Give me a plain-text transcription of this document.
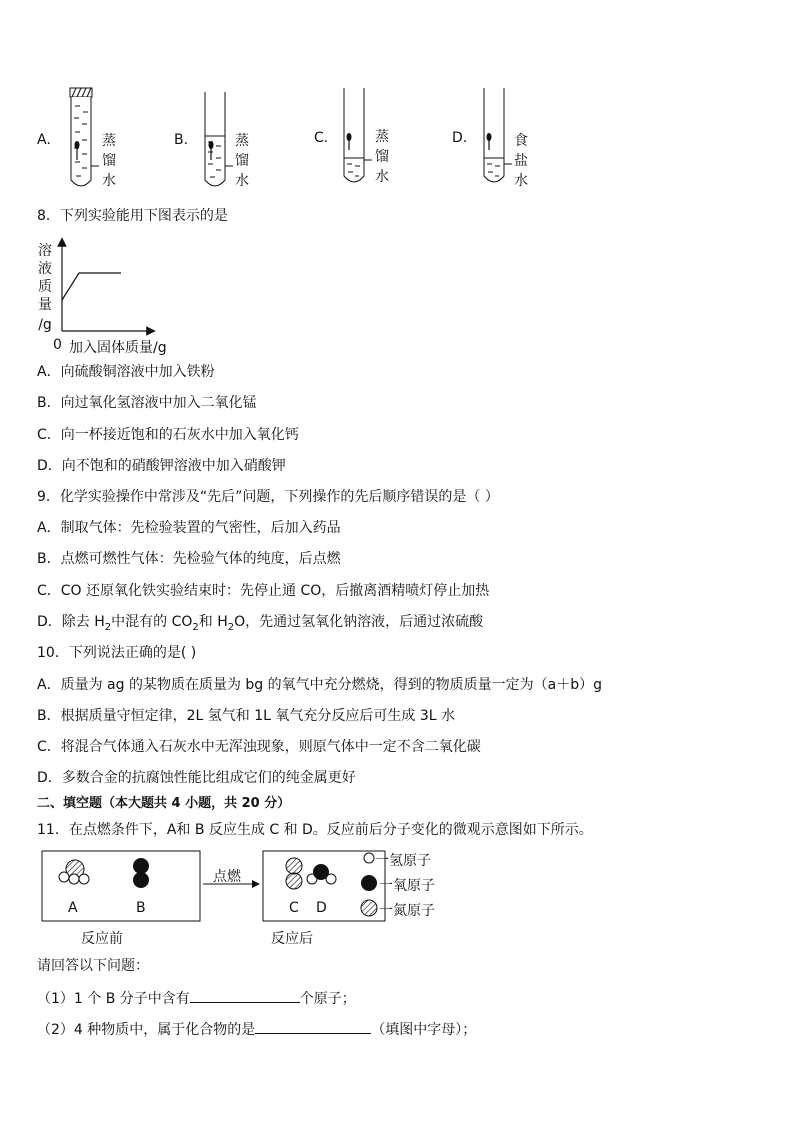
A.	蒸
馏
水
B.	蒸
馏
水
C.	蒸
馏
水
D.	食
盐
水
8．下列实验能用下图表示的是
溶
液
质
量
/g
0 加入固体质量/g
A．向硫酸铜溶液中加入铁粉
B．向过氧化氢溶液中加入二氧化锰
C．向一杯接近饱和的石灰水中加入氧化钙
D．向不饱和的硝酸钾溶液中加入硝酸钾
9．化学实验操作中常涉及“先后”问题，下列操作的先后顺序错误的是（ ）
A．制取气体：先检验装置的气密性，后加入药品
B．点燃可燃性气体：先检验气体的纯度，后点燃
C．CO 还原氧化铁实验结束时：先停止通 CO，后撤离酒精喷灯停止加热
D．除去 $H_2$中混有的 $CO_2$和 $H_2O$，先通过氢氧化钠溶液，后通过浓硫酸
10．下列说法正确的是( )
A．质量为 ag 的某物质在质量为 bg 的氧气中充分燃烧，得到的物质质量一定为（a＋b）g
B．根据质量守恒定律，2L 氢气和 1L 氧气充分反应后可生成 3L 水
C．将混合气体通入石灰水中无浑浊现象，则原气体中一定不含二氧化碳
D．多数合金的抗腐蚀性能比组成它们的纯金属更好
二、填空题（本大题共 4 小题，共 20 分）
11．在点燃条件下，A和 B 反应生成 C 和 D。反应前后分子变化的微观示意图如下所示。
A	B
点燃
C D
一氢原子
一氧原子
一氮原子
反应前	反应后
请回答以下问题：
（1）1 个 B 分子中含有	个原子；
（2）4 种物质中，属于化合物的是	（填图中字母）；
